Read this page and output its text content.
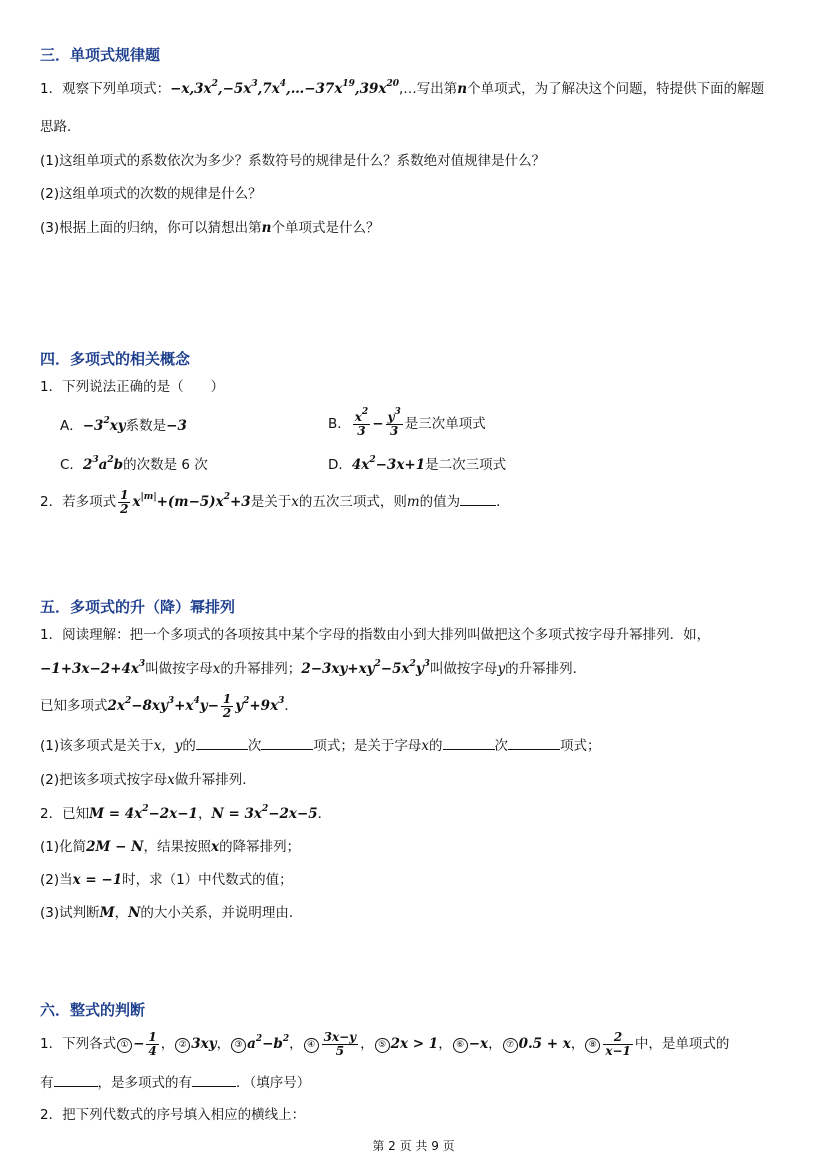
三．单项式规律题
1．观察下列单项式：$-x,3x^2,-5x^3,7x^4,\dots-37x^{19},39x^{20},\dots$写出第n个单项式，为了解决这个问题，特提供下面的解题
思路．
(1)这组单项式的系数依次为多少？系数符号的规律是什么？系数绝对值规律是什么？
(2)这组单项式的次数的规律是什么？
(3)根据上面的归纳，你可以猜想出第n个单项式是什么？
四．多项式的相关概念
1．下列说法正确的是（　　）
A．$-3^2xy$系数是−3	B． $\frac{x^2}{3} - \frac{y^3}{3}$ 是三次单项式
C．$2^3a^2b$的次数是 6 次	D．$4x^2-3x+1$是二次三项式
2．若多项式 $\frac{1}{2} x^{|m|}+(m-5)x^2+3$是关于x的五次三项式，则m的值为	．
五．多项式的升（降）幂排列
1．阅读理解：把一个多项式的各项按其中某个字母的指数由小到大排列叫做把这个多项式按字母升幂排列．如，
$-1+3x-2+4x^3$叫做按字母x的升幂排列；$2-3xy+xy^2-5x^2y^3$叫做按字母y的升幂排列．
已知多项式$2x^2-8xy^3+x^4y- \frac{1}{2} y^2+9x^3$．
(1)该多项式是关于x，y的	次	项式；是关于字母x的	次	项式；
(2)把该多项式按字母x做升幂排列．
2．已知$M = 4x^2-2x-1$，$N = 3x^2-2x-5$．
(1)化简2M − N，结果按照x的降幂排列；
(2)当x = −1时，求（1）中代数式的值；
(3)试判断M，N的大小关系，并说明理由．
六．整式的判断
1．下列各式 ① − $\frac{1}{4}$ ， ② 3xy， ③ $a^2-b^2$， ④ $\frac{3x-y}{5}$ ， ⑤ 2x > 1， ⑥ −x， ⑦ 0.5 + x， ⑧ $\frac{2}{x-1}$ 中，是单项式的
有	，是多项式的有	．（填序号）
2．把下列代数式的序号填入相应的横线上：
第 2 页 共 9 页
